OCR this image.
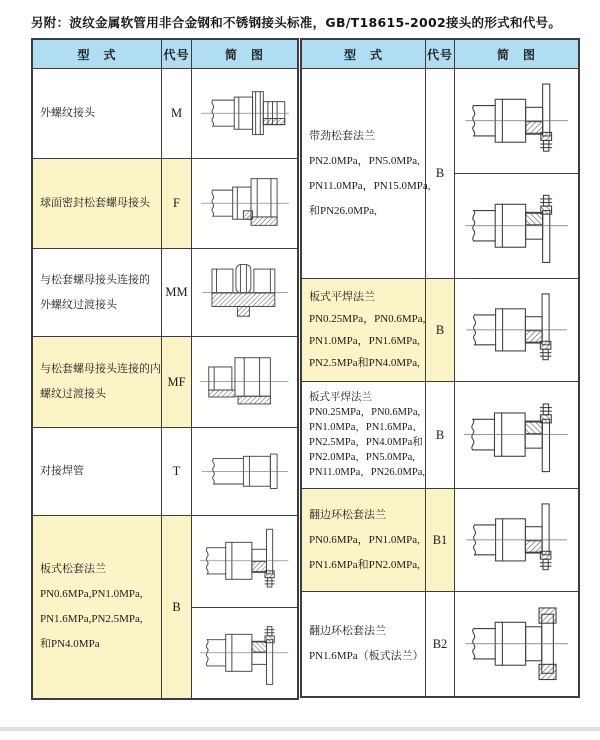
另附：波纹金属软管用非合金钢和不锈钢接头标准，GB/T18615-2002接头的形式和代号。
型　式	代号	简　图
外螺纹接头	M
球面密封松套螺母接头	F
与松套螺母接头连接的
外螺纹过渡接头
MM
与松套螺母接头连接的内
螺纹过渡接头
MF
对接焊管	T
板式松套法兰
PN0.6MPa,PN1.0MPa,
PN1.6MPa,PN2.5MPa,
和PN4.0MPa
B
型　式	代号	简　图
带劲松套法兰
PN2.0MPa，PN5.0MPa,
PN11.0MPa，PN15.0MPa,
和PN26.0MPa,
B
板式平焊法兰
PN0.25MPa，PN0.6MPa,
PN1.0MPa，PN1.6MPa,
PN2.5MPa和PN4.0MPa,
B
板式平焊法兰
PN0.25MPa，PN0.6MPa,
PN1.0MPa，PN1.6MPa、
PN2.5MPa，PN4.0MPa和
PN2.0MPa，PN5.0MPa,
PN11.0MPa，PN26.0MPa,
B
翻边环松套法兰
PN0.6MPa，PN1.0MPa,
PN1.6MPa和PN2.0MPa,
B1
翻边环松套法兰
PN1.6MPa（板式法兰）
B2
